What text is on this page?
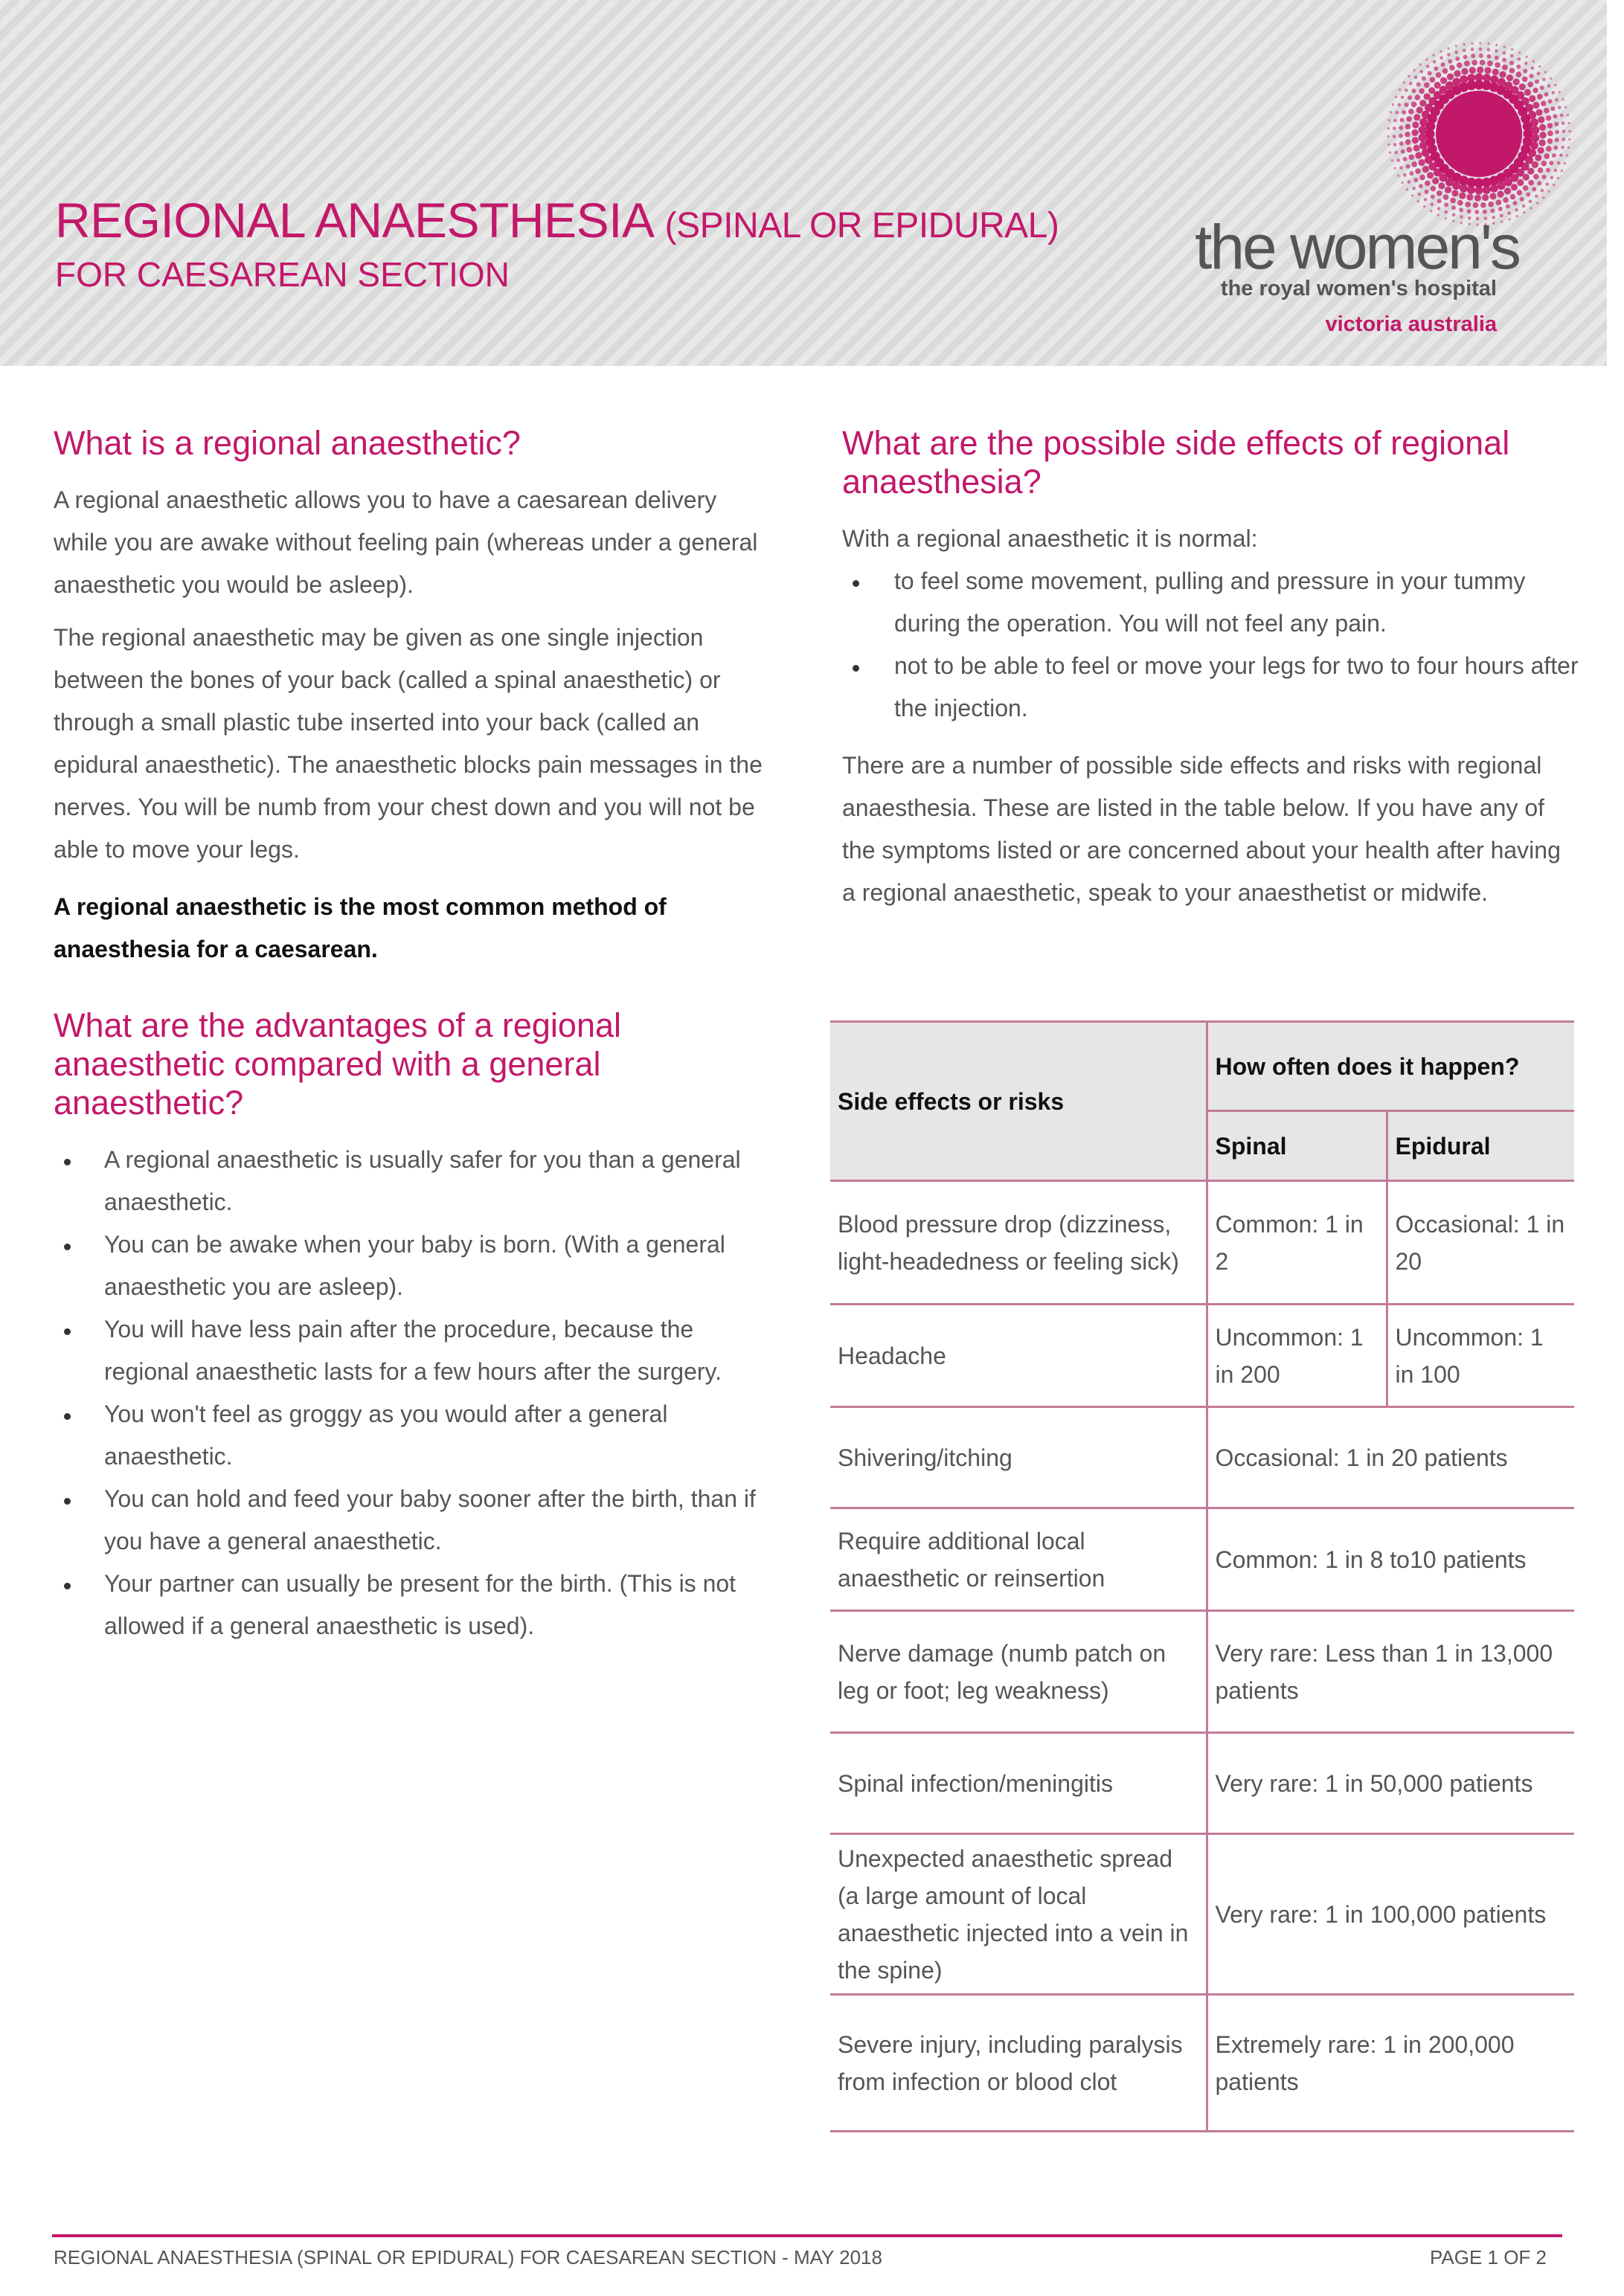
REGIONAL ANAESTHESIA (SPINAL OR EPIDURAL)
FOR CAESAREAN SECTION	the women's
the royal women's hospital
victoria australia
What is a regional anaesthetic?

A regional anaesthetic allows you to have a caesarean delivery while you are awake without feeling pain (whereas under a general anaesthetic you would be asleep).

The regional anaesthetic may be given as one single injection between the bones of your back (called a spinal anaesthetic) or through a small plastic tube inserted into your back (called an epidural anaesthetic). The anaesthetic blocks pain messages in the nerves. You will be numb from your chest down and you will not be able to move your legs.

A regional anaesthetic is the most common method of anaesthesia for a caesarean.

What are the advantages of a regional anaesthetic compared with a general anaesthetic?
A regional anaesthetic is usually safer for you than a general anaesthetic.
You can be awake when your baby is born. (With a general anaesthetic you are asleep).
You will have less pain after the procedure, because the regional anaesthetic lasts for a few hours after the surgery.
You won't feel as groggy as you would after a general anaesthetic.
You can hold and feed your baby sooner after the birth, than if you have a general anaesthetic.
Your partner can usually be present for the birth. (This is not allowed if a general anaesthetic is used).
What are the possible side effects of regional anaesthesia?

With a regional anaesthetic it is normal:

to feel some movement, pulling and pressure in your tummy during the operation. You will not feel any pain.
not to be able to feel or move your legs for two to four hours after the injection.

There are a number of possible side effects and risks with regional anaesthesia. These are listed in the table below. If you have any of the symptoms listed or are concerned about your health after having a regional anaesthetic, speak to your anaesthetist or midwife.

Side effects or risks	How often does it happen?	
	Spinal	Epidural
Blood pressure drop (dizziness, light-headedness or feeling sick)	Common: 1 in 2	Occasional: 1 in 20
Headache	Uncommon: 1 in 200	Uncommon: 1 in 100
Shivering/itching	Occasional: 1 in 20 patients	
Require additional local anaesthetic or reinsertion	Common: 1 in 8 to10 patients	
Nerve damage (numb patch on leg or foot; leg weakness)	Very rare: Less than 1 in 13,000 patients	
Spinal infection/meningitis	Very rare: 1 in 50,000 patients	
Unexpected anaesthetic spread (a large amount of local anaesthetic injected into a vein in the spine)	Very rare: 1 in 100,000 patients	
Severe injury, including paralysis from infection or blood clot	Extremely rare: 1 in 200,000 patients	
REGIONAL ANAESTHESIA (SPINAL OR EPIDURAL) FOR CAESAREAN SECTION - MAY 2018	PAGE 1 OF 2
